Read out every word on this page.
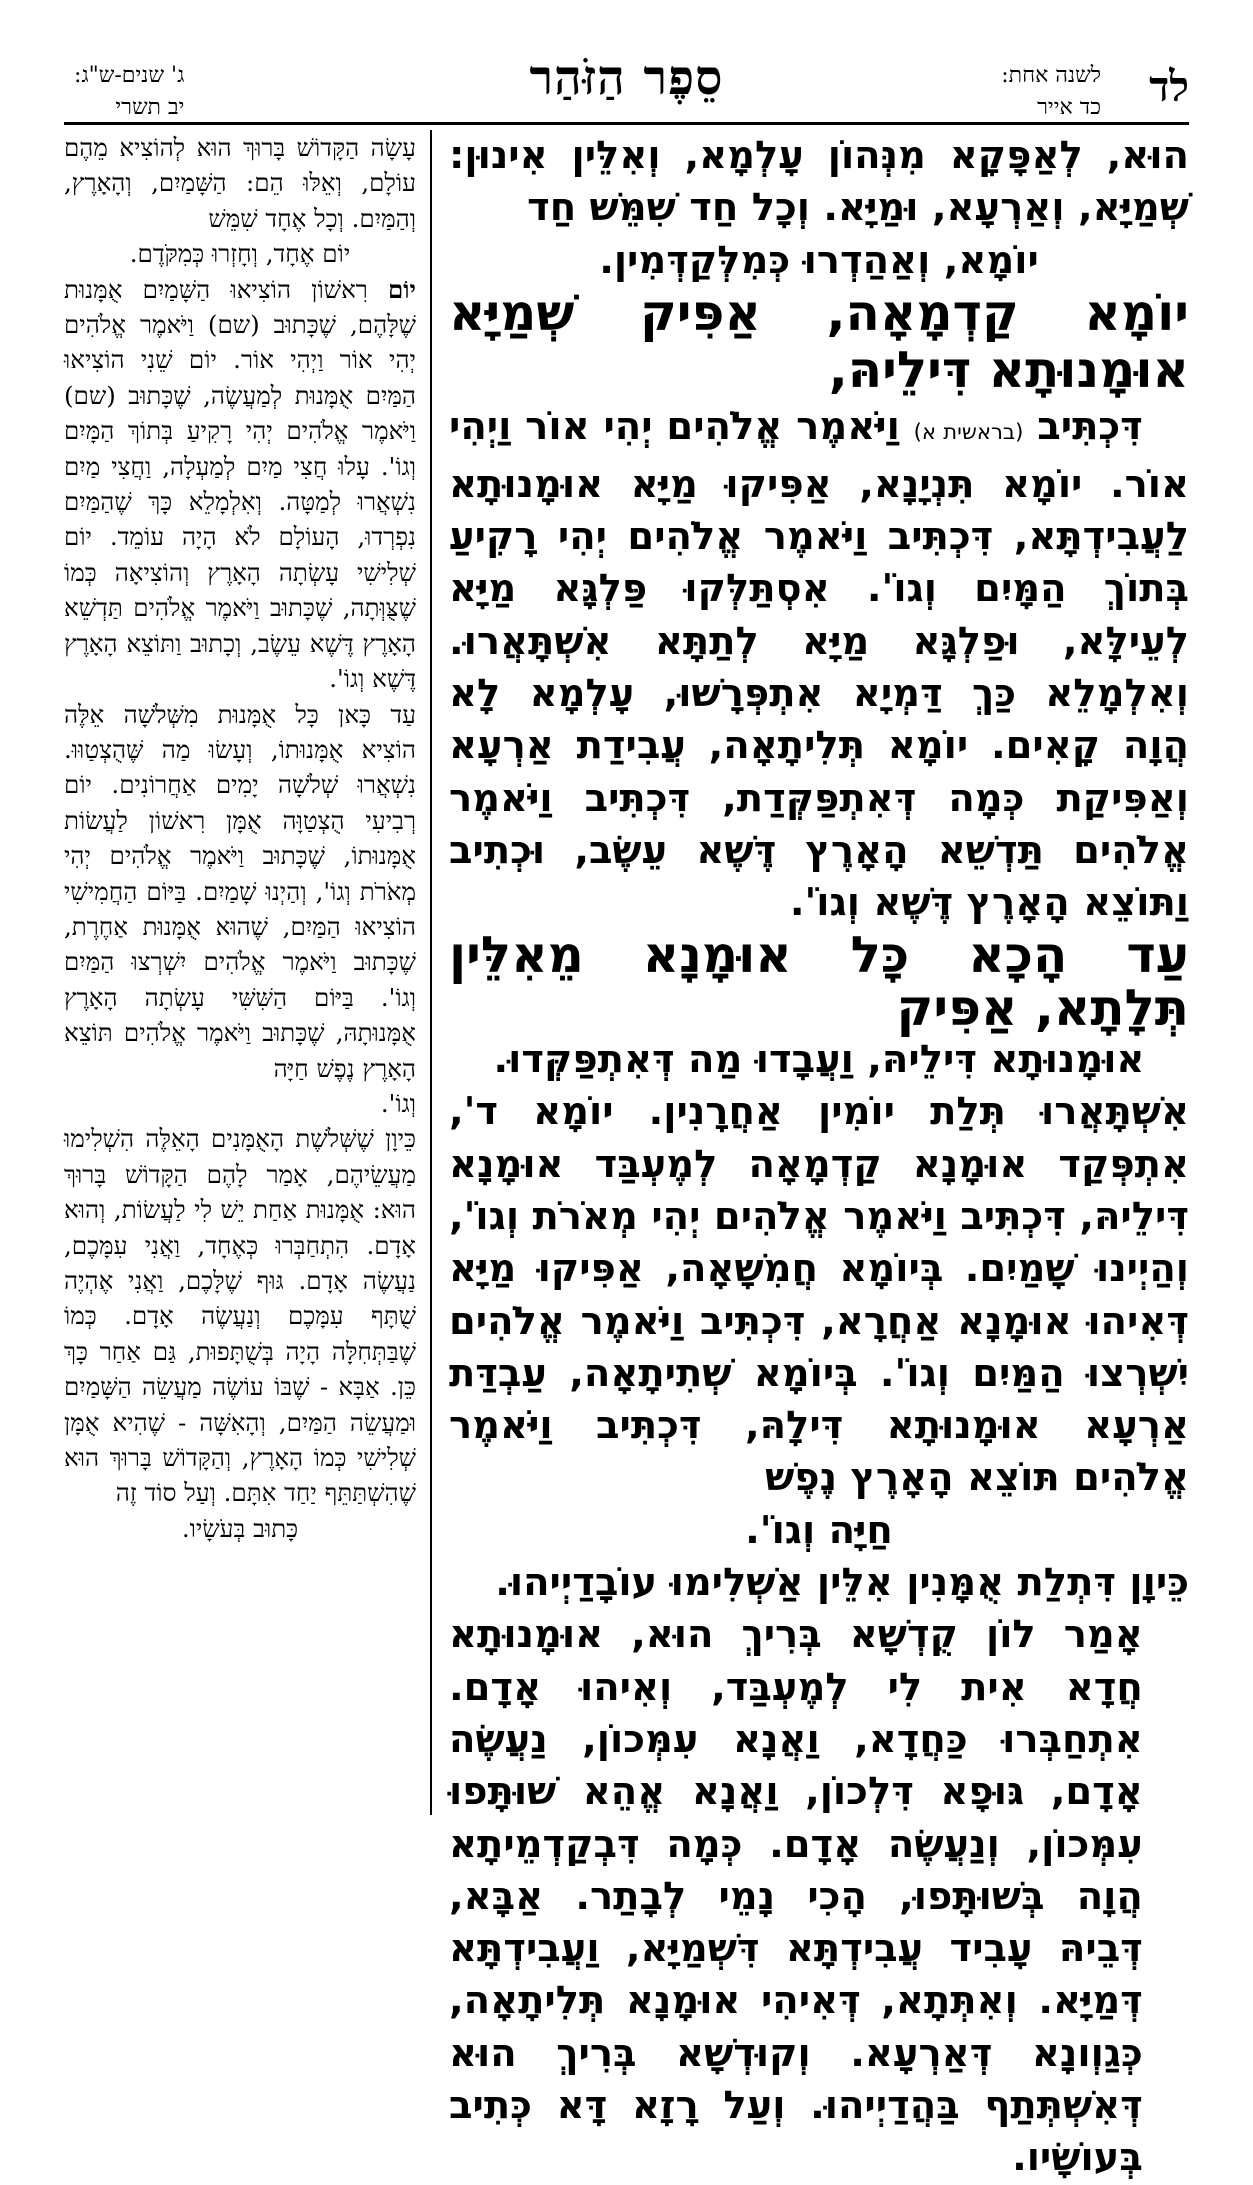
לד
לשנה אחת:
כד אייר
סֵפֶר הַזֹּהַר
ג' שנים-ש"ג:
יב תשרי

הוּא, לְאַפָּקָא מִנְּהוֹן עָלְמָא, וְאִלֵּין אִינוּן: שְׁמַיָּא, וְאַרְעָא, וּמַיָּא. וְכָל חַד שִׁמֵּשׁ חַד

יוֹמָא, וְאַהַדְרוּ כְּמִלְּקַדְּמִין.

יוֹמָא קַדְמָאָה, אַפִּיק שְׁמַיָּא אוּמָנוּתָא דִּילֵיהּ,
דִּכְתִּיב (בראשית א) וַיֹּאמֶר אֱלֹהִים יְהִי אוֹר וַיְהִי אוֹר. יוֹמָא תִּנְיָנָא, אַפִּיקוּ מַיָּא אוּמָנוּתָא לַעֲבִידְתָּא, דִּכְתִּיב וַיֹּאמֶר אֱלֹהִים יְהִי רָקִיעַ בְּתוֹךְ הַמָּיִם וְגוֹ'. אִסְתַּלְּקוּ פַּלְגָּא מַיָּא לְעֵילָּא, וּפַלְגָּא מַיָּא לְתַתָּא אִשְׁתָּאֲרוּ. וְאִלְמָלֵא כַּךְ דַּמְיָא אִתְפְּרָשׁוּ, עָלְמָא לָא הֲוָה קָאִים. יוֹמָא תְּלִיתָאָה, עֲבִידַת אַרְעָא וְאַפִּיקַת כְּמָה דְּאִתְפַּקְּדַת, דִּכְתִּיב וַיֹּאמֶר אֱלֹהִים תַּדְשֵׁא הָאָרֶץ דֶּשֶׁא עֵשֶׂב, וּכְתִיב וַתּוֹצֵא הָאָרֶץ דֶּשֶׁא וְגוֹ'.

עַד הָכָא כָּל אוּמָנָא מֵאִלֵּין תְּלָתָא, אַפִּיק

אוּמָנוּתָא דִּילֵיהּ, וַעֲבָדוּ מַה דְּאִתְפַּקְּדוּ.

אִשְׁתָּאֲרוּ תְּלַת יוֹמִין אַחֲרָנִין. יוֹמָא ד', אִתְפְּקַד אוּמָנָא קַדְמָאָה לְמֶעְבַּד אוּמָנָא דִּילֵיהּ, דִּכְתִּיב וַיֹּאמֶר אֱלֹהִים יְהִי מְאֹרֹת וְגוֹ', וְהַיְינוּ שָׁמַיִם. בְּיוֹמָא חֲמִשָׁאָה, אַפִּיקוּ מַיָּא דְּאִיהוּ אוּמָנָא אַחֲרָא, דִּכְתִּיב וַיֹּאמֶר אֱלֹהִים יִשְׁרְצוּ הַמַּיִם וְגוֹ'. בְּיוֹמָא שְׁתִיתָאָה, עַבְדַּת אַרְעָא אוּמָנוּתָא דִּילָהּ, דִּכְתִּיב וַיֹּאמֶר אֱלֹהִים תּוֹצֵא הָאָרֶץ נֶפֶשׁ

חַיָּה וְגוֹ'.

כֵּיוָן דִּתְלַת אֻמָּנִין אִלֵּין אַשְׁלִימוּ עוֹבָדַיְיהוּ.

אָמַר לוֹן קֻדְשָׁא בְּרִיךְ הוּא, אוּמָנוּתָא חֲדָא אִית לִי לְמֶעְבַּד, וְאִיהוּ אָדָם. אִתְחַבְּרוּ כַּחֲדָא, וַאֲנָא עִמְּכוֹן, נַעֲשֶׂה אָדָם, גּוּפָא דִּלְכוֹן, וַאֲנָא אֱהֵא שׁוּתָּפוּ עִמְּכוֹן, וְנַעֲשֶׂה אָדָם. כְּמָה דִּבְקַדְמֵיתָא הֲוָה בְּשׁוּתָּפוּ, הָכִי נָמֵי לְבָתַר. אַבָּא, דְּבֵיהּ עָבִיד עֲבִידְתָּא דִּשְׁמַיָּא, וַעֲבִידְתָּא דְּמַיָּא. וְאִתְּתָא, דְּאִיהִי אוּמָנָא תְּלִיתָאָה, כְּגַוְונָא דְּאַרְעָא. וְקוּדְשָׁא בְּרִיךְ הוּא דְּאִשְׁתְּתַף בַּהֲדַיְיהוּ. וְעַל רָזָא דָּא כְּתִיב בְּעוֹשָׂיו.

עָשָׂה הַקָּדוֹשׁ בָּרוּךְ הוּא לְהוֹצִיא מֵהֶם עוֹלָם, וְאֵלּוּ הֵם: הַשָּׁמַיִם, וְהָאָרֶץ, וְהַמַּיִם. וְכָל אֶחָד שִׁמֵּשׁ

יוֹם אֶחָד, וְחָזְרוּ כְּמִקֹּדֶם.

יוֹם רִאשׁוֹן הוֹצִיאוּ הַשָּׁמַיִם אֻמָּנוּת שֶׁלָּהֶם, שֶׁכָּתוּב (שם) וַיֹּאמֶר אֱלֹהִים יְהִי אוֹר וַיְהִי אוֹר. יוֹם שֵׁנִי הוֹצִיאוּ הַמַּיִם אֻמָּנוּת לְמַעֲשֶׂה, שֶׁכָּתוּב (שם) וַיֹּאמֶר אֱלֹהִים יְהִי רָקִיעַ בְּתוֹךְ הַמָּיִם וְגוֹ'. עָלוּ חֲצִי מַיִם לְמַעְלָה, וַחֲצִי מַיִם נִשְׁאֲרוּ לְמַטָּה. וְאִלְמָלֵא כָּךְ שֶׁהַמַּיִם נִפְרְדוּ, הָעוֹלָם לֹא הָיָה עוֹמֵד. יוֹם שְׁלִישִׁי עָשְׂתָה הָאָרֶץ וְהוֹצִיאָה כְּמוֹ שֶׁצֻּוְּתָה, שֶׁכָּתוּב וַיֹּאמֶר אֱלֹהִים תַּדְשֵׁא הָאָרֶץ דֶּשֶׁא עֵשֶׂב, וְכָתוּב וַתּוֹצֵא הָאָרֶץ דֶּשֶׁא וְגוֹ'.

עַד כָּאן כָּל אֻמָּנוּת מִשְּׁלֹשָׁה אֵלֶּה הוֹצִיא אֻמָּנוּתוֹ, וְעָשׂוּ מַה שֶּׁהֻצְטַוּוּ. נִשְׁאֲרוּ שְׁלֹשָׁה יָמִים אַחֲרוֹנִים. יוֹם רְבִיעִי הֻצְטַוָּה אֻמָּן רִאשׁוֹן לַעֲשׂוֹת אֻמָּנוּתוֹ, שֶׁכָּתוּב וַיֹּאמֶר אֱלֹהִים יְהִי מְאֹרֹת וְגוֹ', וְהַיְנוּ שָׁמַיִם. בַּיּוֹם הַחֲמִישִׁי הוֹצִיאוּ הַמַּיִם, שֶׁהוּא אֻמָּנוּת אַחֶרֶת, שֶׁכָּתוּב וַיֹּאמֶר אֱלֹהִים יִשְׁרְצוּ הַמַּיִם וְגוֹ'. בַּיּוֹם הַשִּׁשִּׁי עָשְׂתָה הָאָרֶץ אֻמָּנוּתָהּ, שֶׁכָּתוּב וַיֹּאמֶר אֱלֹהִים תּוֹצֵא הָאָרֶץ נֶפֶשׁ חַיָּה

וְגוֹ'.

כֵּיוָן שֶׁשְּׁלֹשֶׁת הָאֻמָּנִים הָאֵלֶּה הִשְׁלִימוּ מַעֲשֵׂיהֶם, אָמַר לָהֶם הַקָּדוֹשׁ בָּרוּךְ הוּא: אֻמָּנוּת אַחַת יֵשׁ לִי לַעֲשׂוֹת, וְהוּא אָדָם. הִתְחַבְּרוּ כְּאֶחָד, וַאֲנִי עִמָּכֶם, נַעֲשֶׂה אָדָם. גּוּף שֶׁלָּכֶם, וַאֲנִי אֶהְיֶה שֻׁתָּף עִמָּכֶם וְנַעֲשֶׂה אָדָם. כְּמוֹ שֶׁבַּתְּחִלָּה הָיָה בְּשֻׁתָּפוּת, גַּם אַחַר כָּךְ כֵּן. אַבָּא - שֶׁבּוֹ עוֹשֶׂה מַעֲשֵׂה הַשָּׁמַיִם וּמַעֲשֵׂה הַמַּיִם, וְהָאִשָּׁה - שֶׁהִיא אֻמָּן שְׁלִישִׁי כְּמוֹ הָאָרֶץ, וְהַקָּדוֹשׁ בָּרוּךְ הוּא שֶׁהִשְׁתַּתֵּף יַחַד אִתָּם. וְעַל סוֹד זֶה

כָּתוּב בְּעֹשָׂיו.
